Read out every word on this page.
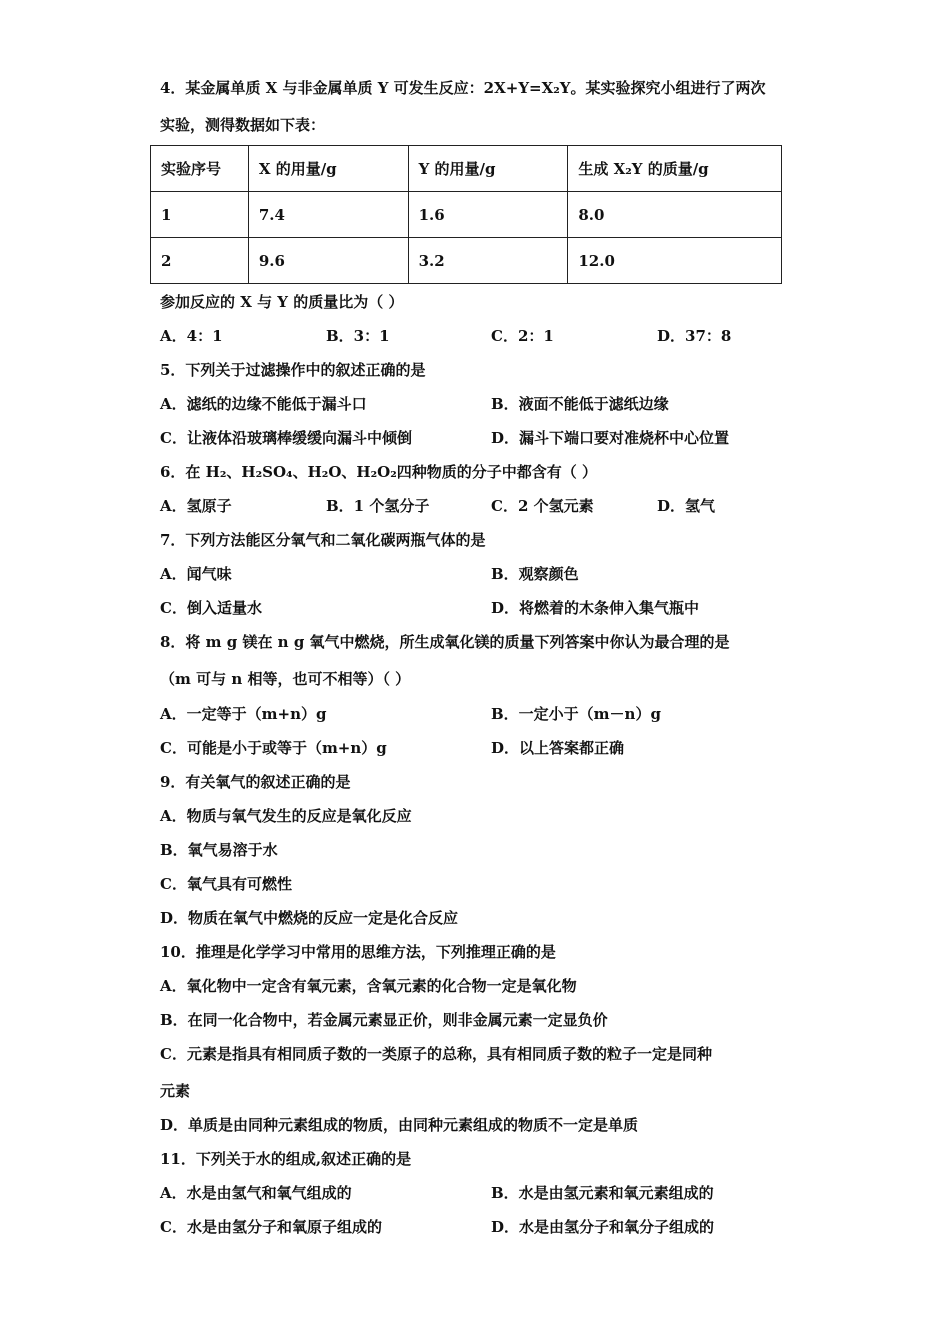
4．某金属单质 X 与非金属单质 Y 可发生反应：2X+Y=X₂Y。某实验探究小组进行了两次
实验，测得数据如下表：
实验序号	X 的用量/g	Y 的用量/g	生成 X₂Y 的质量/g
1	7.4	1.6	8.0
2	9.6	3.2	12.0
参加反应的 X 与 Y 的质量比为（ ）
A．4：1	B．3：1	C．2：1	D．37：8
5．下列关于过滤操作中的叙述正确的是
A．滤纸的边缘不能低于漏斗口	B．液面不能低于滤纸边缘
C．让液体沿玻璃棒缓缓向漏斗中倾倒	D．漏斗下端口要对准烧杯中心位置
6．在 H₂、H₂SO₄、H₂O、H₂O₂四种物质的分子中都含有（ ）
A．氢原子	B．1 个氢分子	C．2 个氢元素	D．氢气
7．下列方法能区分氧气和二氧化碳两瓶气体的是
A．闻气味	B．观察颜色
C．倒入适量水	D．将燃着的木条伸入集气瓶中
8．将 m g 镁在 n g 氧气中燃烧，所生成氧化镁的质量下列答案中你认为最合理的是
（m 可与 n 相等，也可不相等）（ ）
A．一定等于（m+n）g	B．一定小于（m－n）g
C．可能是小于或等于（m+n）g	D．以上答案都正确
9．有关氧气的叙述正确的是
A．物质与氧气发生的反应是氧化反应
B．氧气易溶于水
C．氧气具有可燃性
D．物质在氧气中燃烧的反应一定是化合反应
10．推理是化学学习中常用的思维方法，下列推理正确的是
A．氧化物中一定含有氧元素，含氧元素的化合物一定是氧化物
B．在同一化合物中，若金属元素显正价，则非金属元素一定显负价
C．元素是指具有相同质子数的一类原子的总称，具有相同质子数的粒子一定是同种
元素
D．单质是由同种元素组成的物质，由同种元素组成的物质不一定是单质
11．下列关于水的组成,叙述正确的是
A．水是由氢气和氧气组成的	B．水是由氢元素和氧元素组成的
C．水是由氢分子和氧原子组成的	D．水是由氢分子和氧分子组成的
